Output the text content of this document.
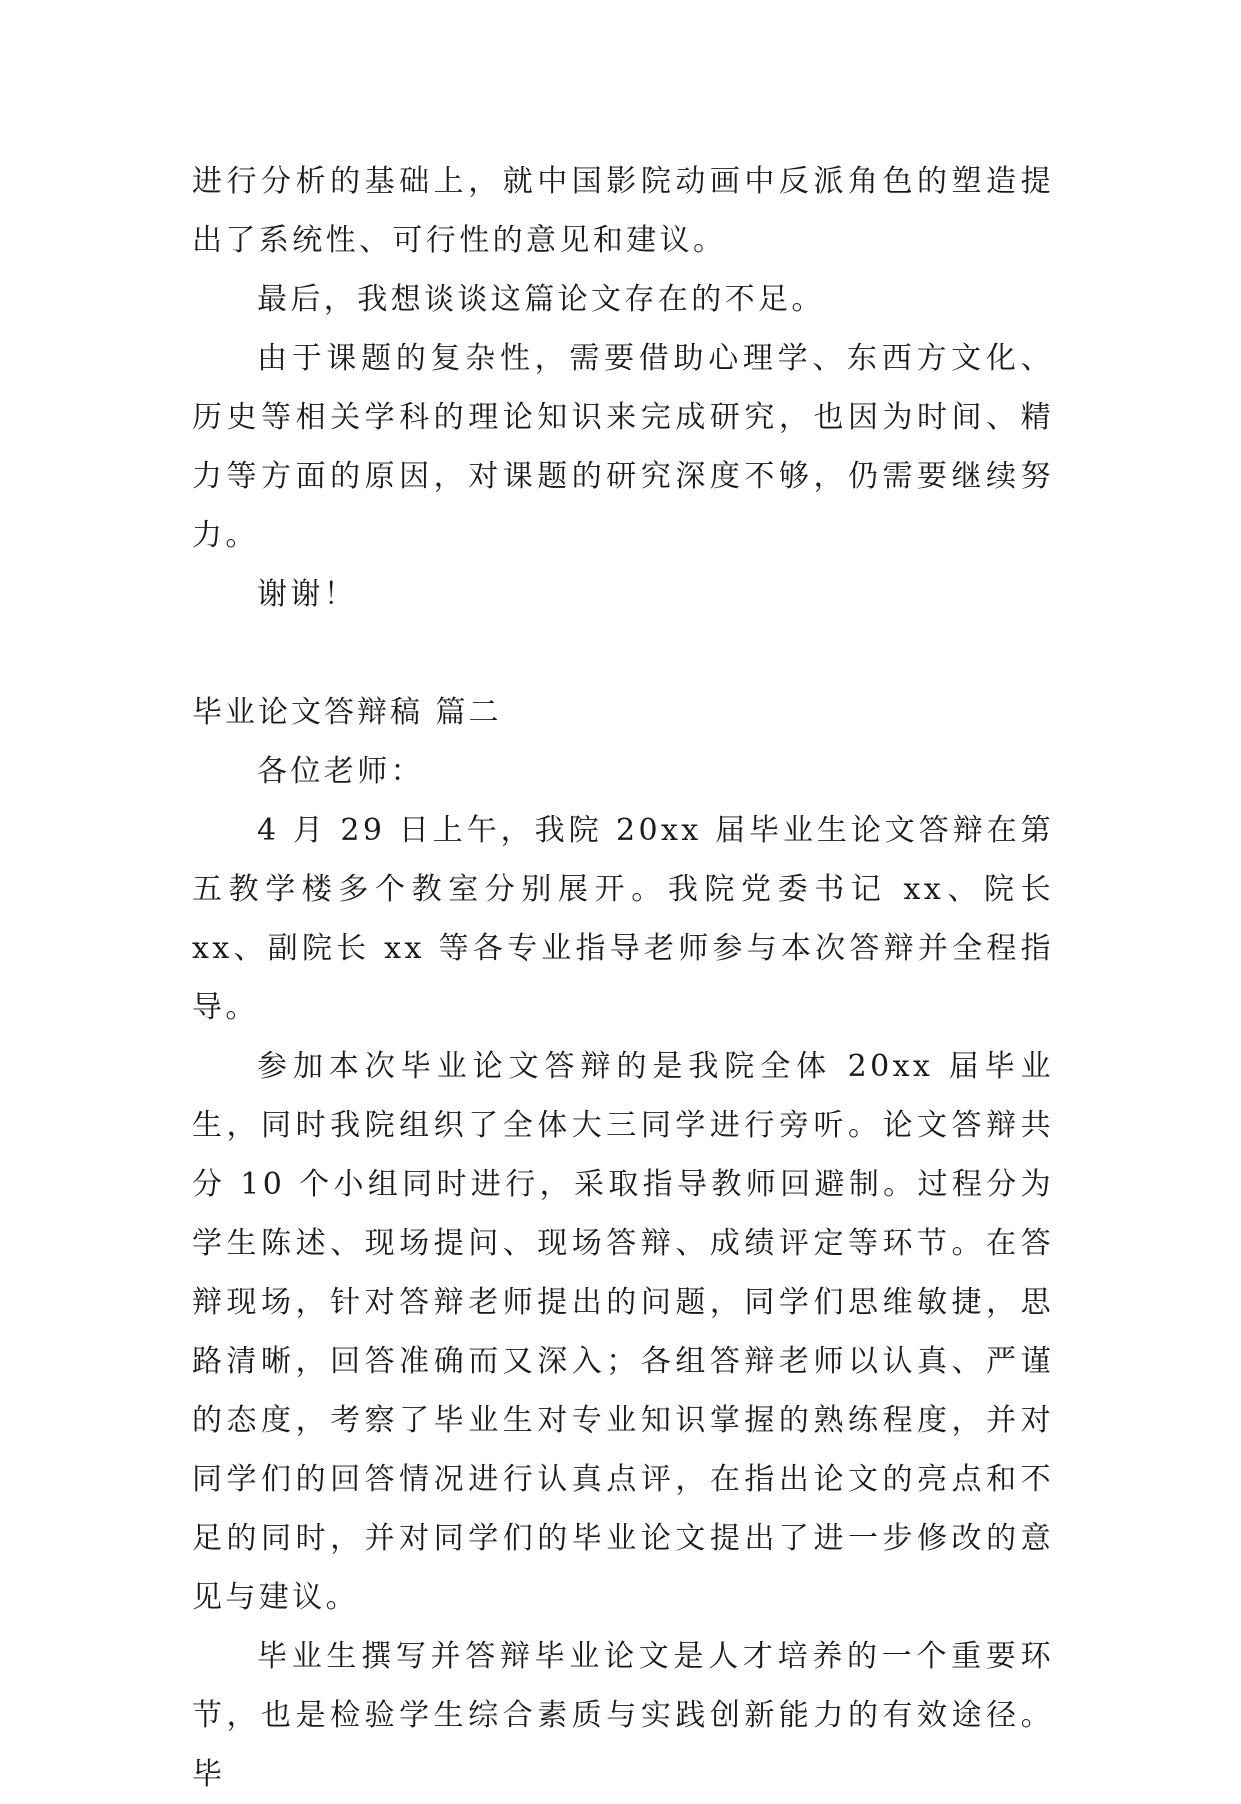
进行分析的基础上，就中国影院动画中反派角色的塑造提出了系统性、可行性的意见和建议。

最后，我想谈谈这篇论文存在的不足。

由于课题的复杂性，需要借助心理学、东西方文化、历史等相关学科的理论知识来完成研究，也因为时间、精力等方面的原因，对课题的研究深度不够，仍需要继续努力。

谢谢！

毕业论文答辩稿 篇二

各位老师：

4 月 29 日上午，我院 20xx 届毕业生论文答辩在第五教学楼多个教室分别展开。我院党委书记 xx、院长 xx、副院长 xx 等各专业指导老师参与本次答辩并全程指导。

参加本次毕业论文答辩的是我院全体 20xx 届毕业生，同时我院组织了全体大三同学进行旁听。论文答辩共分 10 个小组同时进行，采取指导教师回避制。过程分为学生陈述、现场提问、现场答辩、成绩评定等环节。在答辩现场，针对答辩老师提出的问题，同学们思维敏捷，思路清晰，回答准确而又深入；各组答辩老师以认真、严谨的态度，考察了毕业生对专业知识掌握的熟练程度，并对同学们的回答情况进行认真点评，在指出论文的亮点和不足的同时，并对同学们的毕业论文提出了进一步修改的意见与建议。

毕业生撰写并答辩毕业论文是人才培养的一个重要环节，也是检验学生综合素质与实践创新能力的有效途径。毕
